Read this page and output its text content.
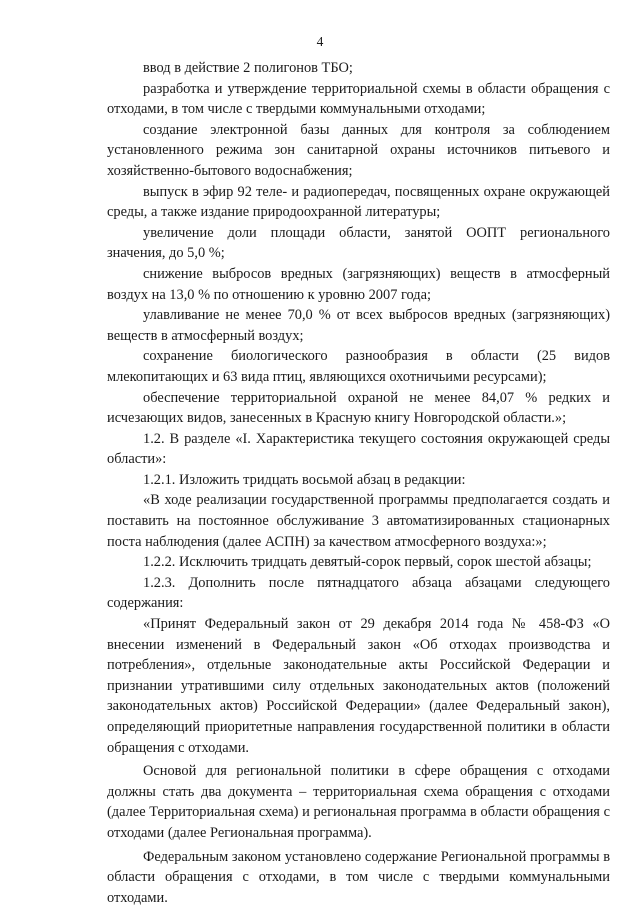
4

ввод в действие 2 полигонов ТБО;

разработка и утверждение территориальной схемы в области обращения с отходами, в том числе с твердыми коммунальными отходами;

создание электронной базы данных для контроля за соблюдением установленного режима зон санитарной охраны источников питьевого и хозяйственно-бытового водоснабжения;

выпуск в эфир 92 теле- и радиопередач, посвященных охране окружающей среды, а также издание природоохранной литературы;

увеличение доли площади области, занятой ООПТ регионального значения, до 5,0 %;

снижение выбросов вредных (загрязняющих) веществ в атмосферный воздух на 13,0 % по отношению к уровню 2007 года;

улавливание не менее 70,0 % от всех выбросов вредных (загрязняющих) веществ в атмосферный воздух;

сохранение биологического разнообразия в области (25 видов млекопитающих и 63 вида птиц, являющихся охотничьими ресурсами);

обеспечение территориальной охраной не менее 84,07 % редких и исчезающих видов, занесенных в Красную книгу Новгородской области.»;

1.2. В разделе «I. Характеристика текущего состояния окружающей среды области»:

1.2.1. Изложить тридцать восьмой абзац в редакции:

«В ходе реализации государственной программы предполагается создать и поставить на постоянное обслуживание 3 автоматизированных стационарных поста наблюдения (далее АСПН) за качеством атмосферного воздуха:»;

1.2.2. Исключить тридцать девятый-сорок первый, сорок шестой абзацы;

1.2.3. Дополнить после пятнадцатого абзаца абзацами следующего содержания:

«Принят Федеральный закон от 29 декабря 2014 года № 458-ФЗ «О внесении изменений в Федеральный закон «Об отходах производства и потребления», отдельные законодательные акты Российской Федерации и признании утратившими силу отдельных законодательных актов (положений законодательных актов) Российской Федерации» (далее Федеральный закон), определяющий приоритетные направления государственной политики в области обращения с отходами.

Основой для региональной политики в сфере обращения с отходами должны стать два документа – территориальная схема обращения с отходами (далее Территориальная схема) и региональная программа в области обращения с отходами (далее Региональная программа).

Федеральным законом установлено содержание Региональной программы в области обращения с отходами, в том числе с твердыми коммунальными отходами.
